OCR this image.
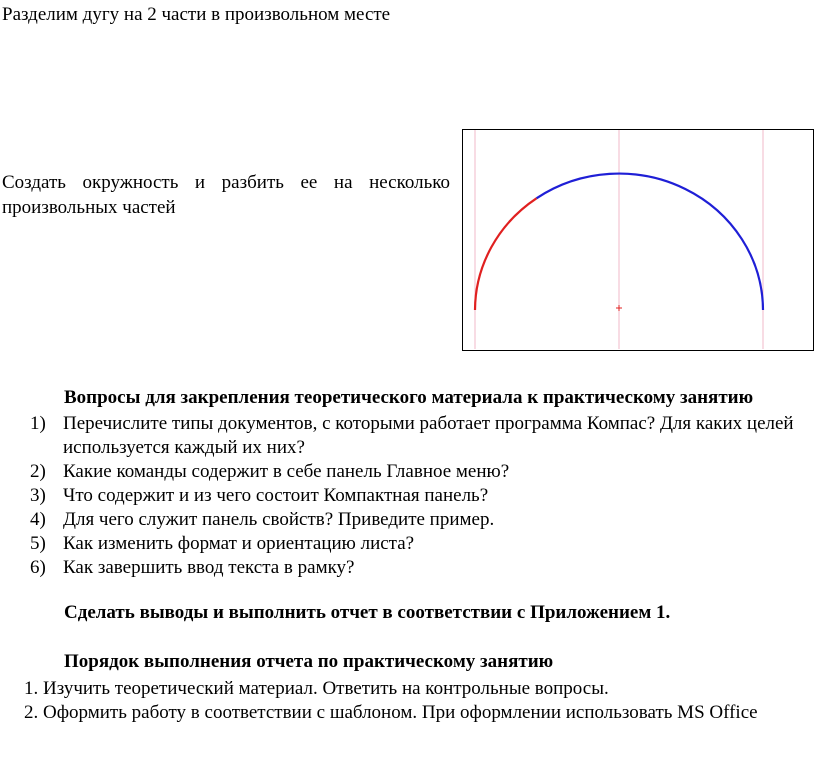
Разделим дугу на 2 части в произвольном месте
Создать окружность и разбить ее на несколько произвольных частей
Вопросы для закрепления теоретического материала к практическому занятию
1) Перечислите типы документов, с которыми работает программа Компас? Для каких целей используется каждый их них?
2) Какие команды содержит в себе панель Главное меню?
3) Что содержит и из чего состоит Компактная панель?
4) Для чего служит панель свойств? Приведите пример.
5) Как изменить формат и ориентацию листа?
6) Как завершить ввод текста в рамку?
Сделать выводы и выполнить отчет в соответствии с Приложением 1.
Порядок выполнения отчета по практическому занятию
1. Изучить теоретический материал. Ответить на контрольные вопросы.
2. Оформить работу в соответствии с шаблоном. При оформлении использовать MS Office
